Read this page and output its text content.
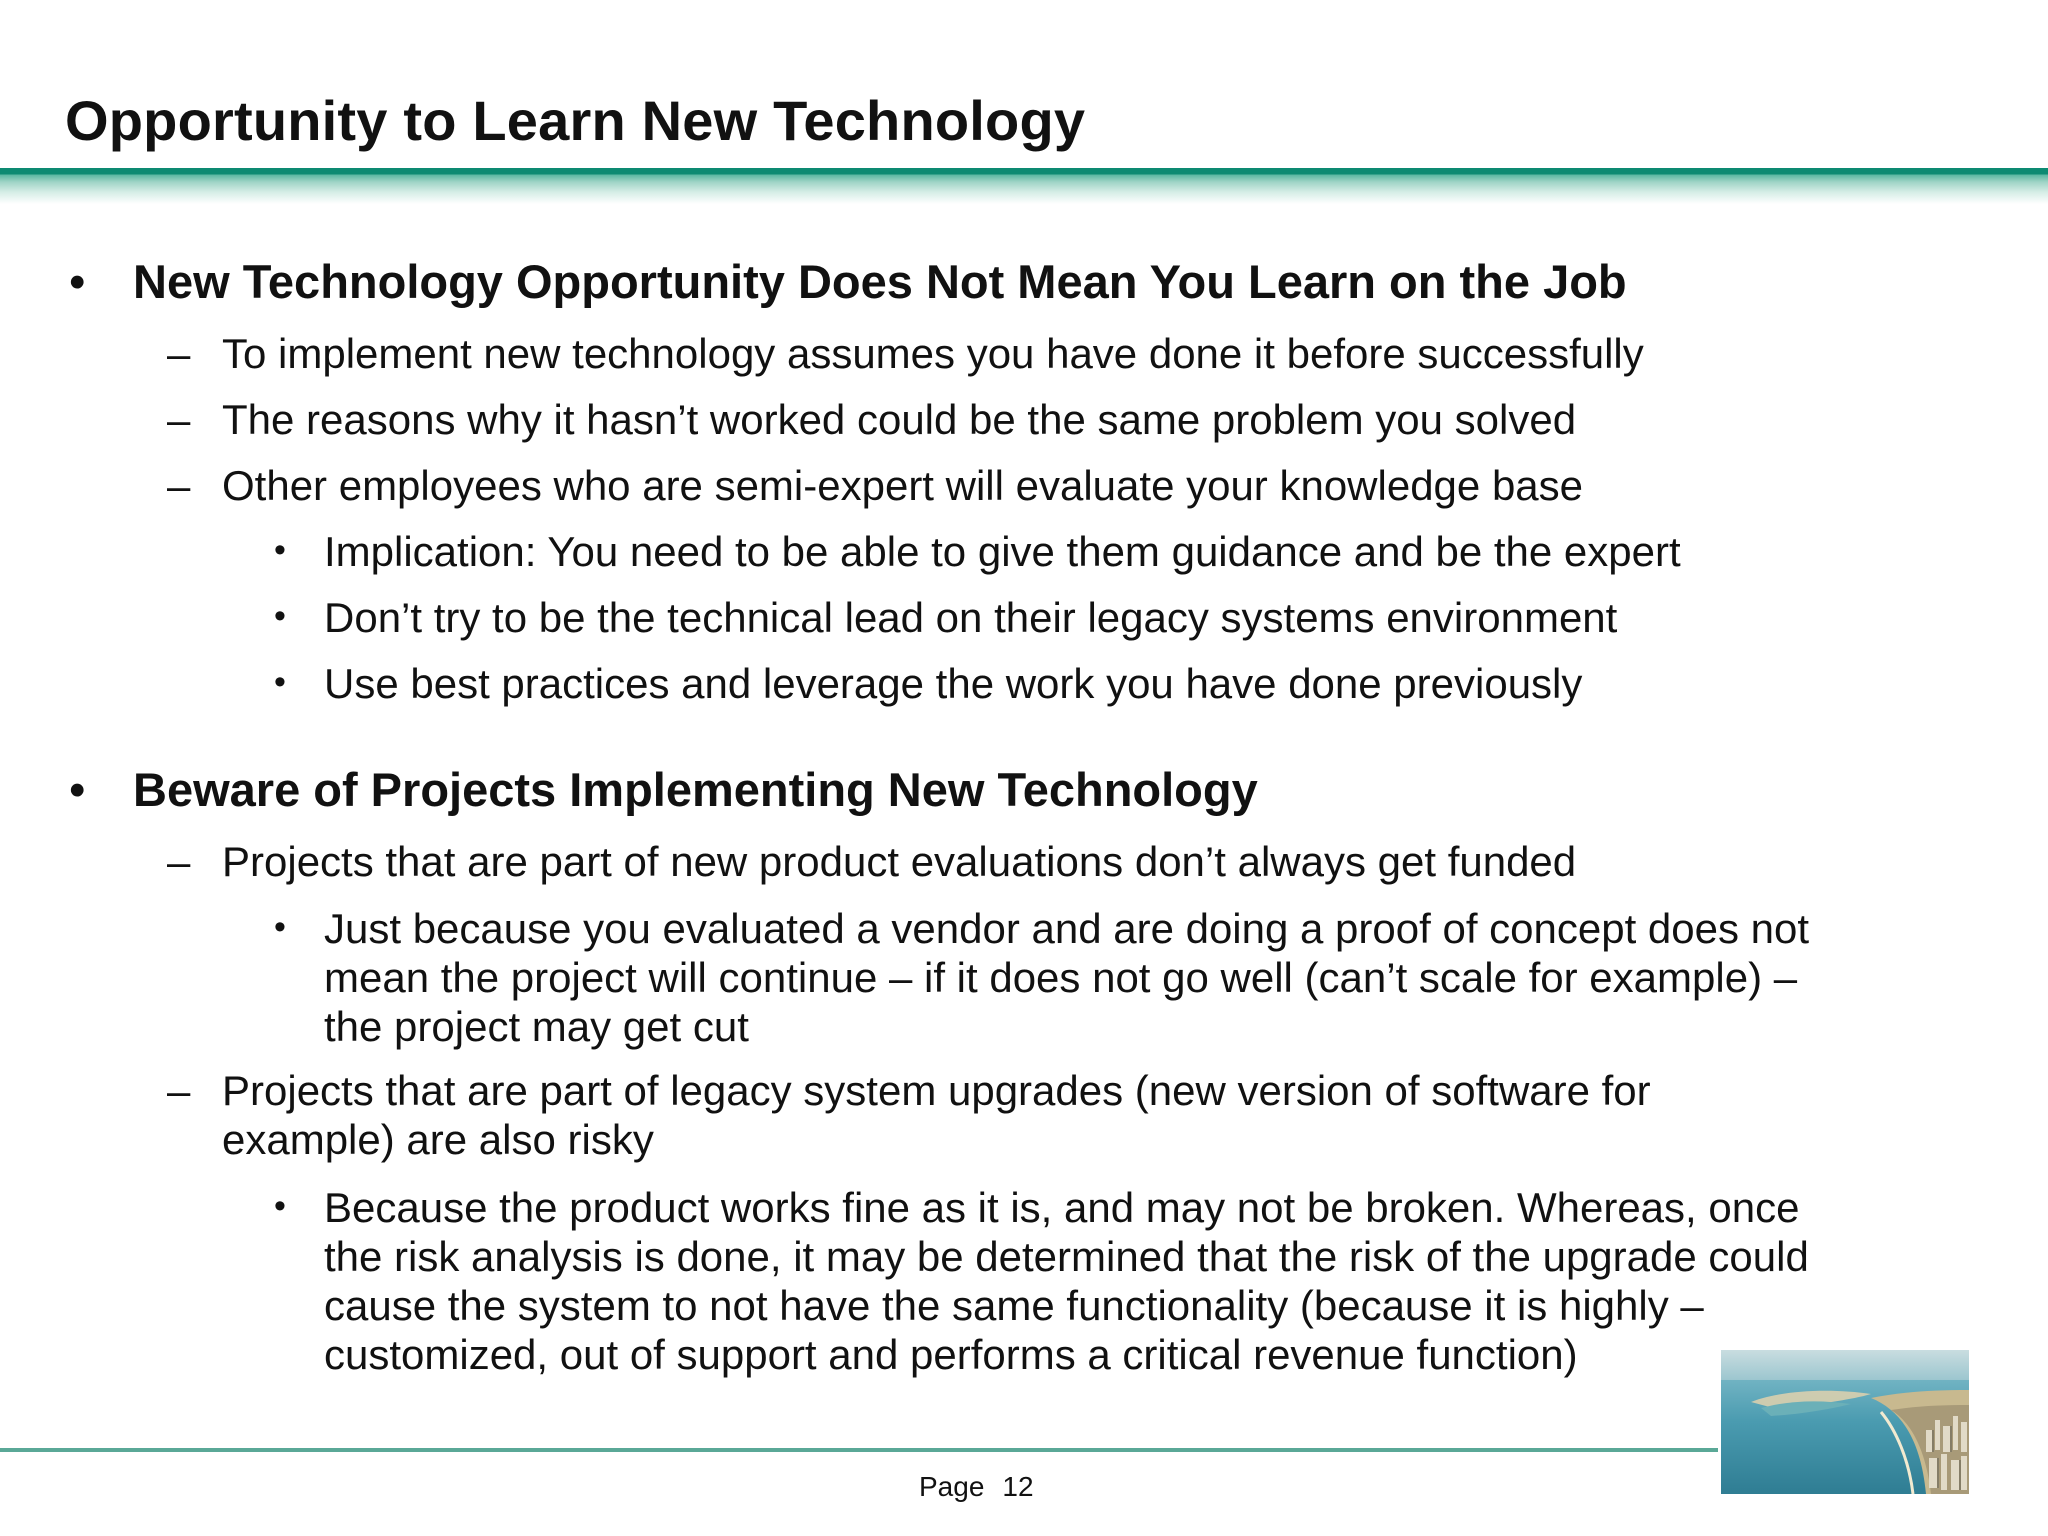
Opportunity to Learn New Technology
• New Technology Opportunity Does Not Mean You Learn on the Job
– To implement new technology assumes you have done it before successfully
– The reasons why it hasn’t worked could be the same problem you solved
– Other employees who are semi-expert will evaluate your knowledge base
• Implication: You need to be able to give them guidance and be the expert
• Don’t try to be the technical lead on their legacy systems environment
• Use best practices and leverage the work you have done previously
• Beware of Projects Implementing New Technology
– Projects that are part of new product evaluations don’t always get funded
• Just because you evaluated a vendor and are doing a proof of concept does not
mean the project will continue – if it does not go well (can’t scale for example) –
the project may get cut
– Projects that are part of legacy system upgrades (new version of software for
example) are also risky
• Because the product works fine as it is, and may not be broken. Whereas, once
the risk analysis is done, it may be determined that the risk of the upgrade could
cause the system to not have the same functionality (because it is highly –
customized, out of support and performs a critical revenue function)
Page 12
